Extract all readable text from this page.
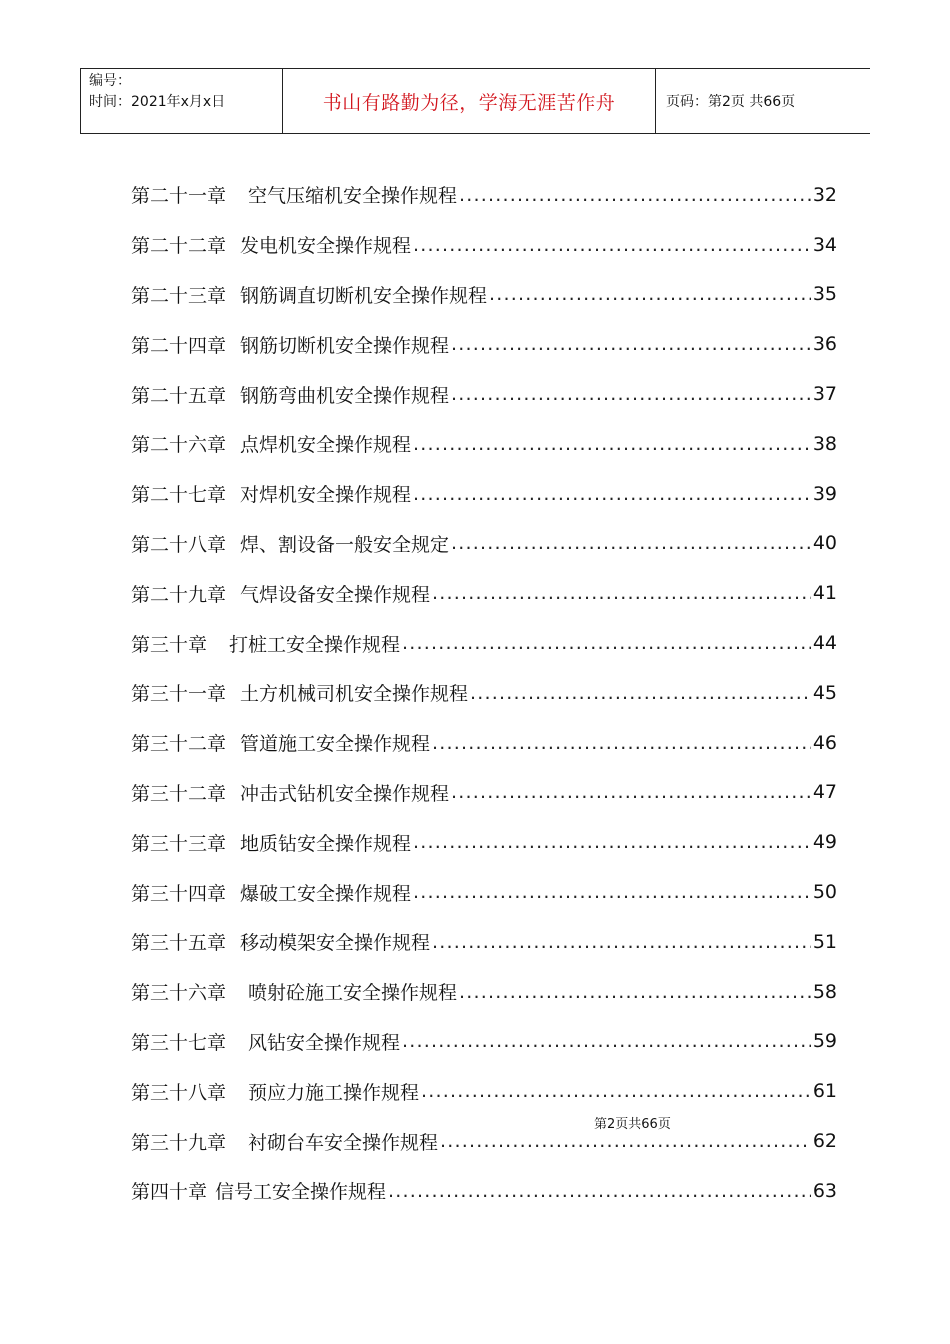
编号：
时间：2021年x月x日	书山有路勤为径，学海无涯苦作舟	页码：第2页 共66页
第二十一章 空气压缩机安全操作规程 .....	32
第二十二章 发电机安全操作规程 .....	34
第二十三章 钢筋调直切断机安全操作规程 .....	35
第二十四章 钢筋切断机安全操作规程 .....	36
第二十五章 钢筋弯曲机安全操作规程 .....	37
第二十六章 点焊机安全操作规程 .....	38
第二十七章 对焊机安全操作规程 .....	39
第二十八章 焊、割设备一般安全规定 .....	40
第二十九章 气焊设备安全操作规程 .....	41
第三十章 打桩工安全操作规程 .....	44
第三十一章 土方机械司机安全操作规程 .....	45
第三十二章 管道施工安全操作规程 .....	46
第三十二章 冲击式钻机安全操作规程 .....	47
第三十三章 地质钻安全操作规程 .....	49
第三十四章 爆破工安全操作规程 .....	50
第三十五章 移动模架安全操作规程 .....	51
第三十六章 喷射砼施工安全操作规程 .....	58
第三十七章 风钻安全操作规程 .....	59
第三十八章 预应力施工操作规程 .....	61
第三十九章 衬砌台车安全操作规程 .....	62
第四十章 信号工安全操作规程 .....	63
第2页共66页
